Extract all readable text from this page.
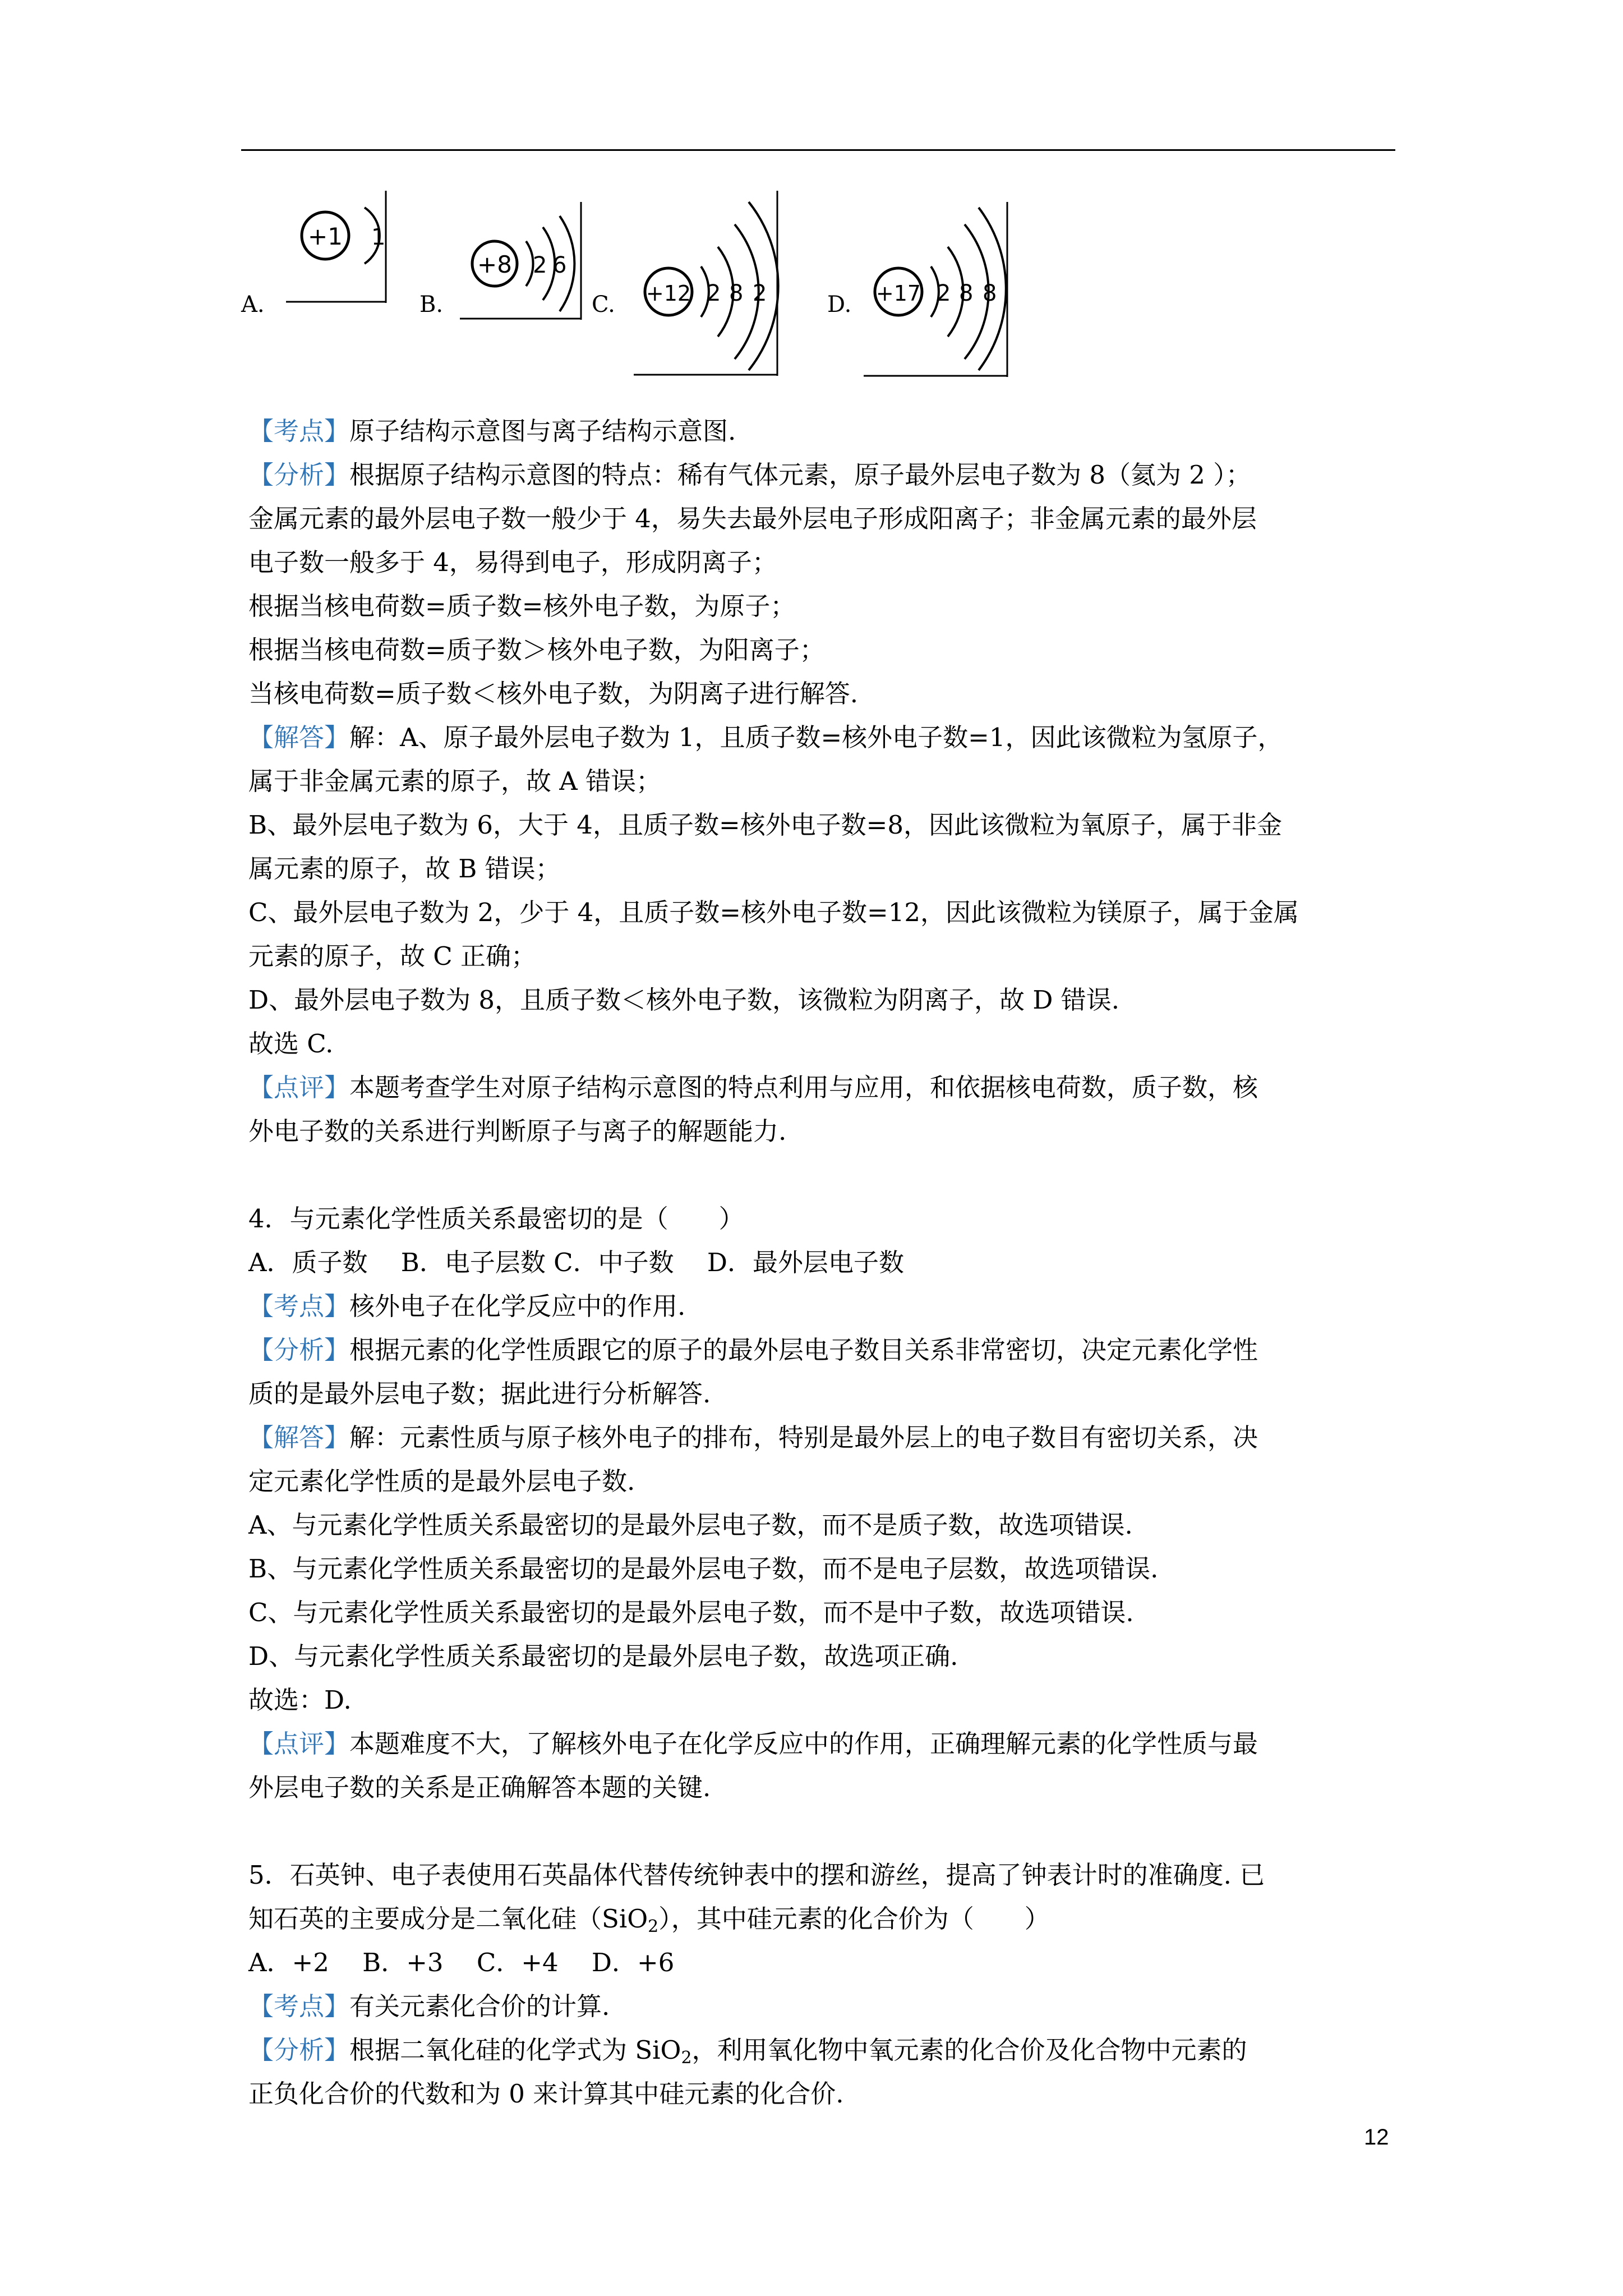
A.
+1 1
B.
+8 2 6
C. +12 2 8 2	D. +17 2 8 8
【考点】原子结构示意图与离子结构示意图.
【分析】根据原子结构示意图的特点：稀有气体元素，原子最外层电子数为 8（氦为 2 ）；
金属元素的最外层电子数一般少于 4，易失去最外层电子形成阳离子；非金属元素的最外层
电子数一般多于 4，易得到电子，形成阴离子；
根据当核电荷数=质子数=核外电子数，为原子；
根据当核电荷数=质子数＞核外电子数，为阳离子；
当核电荷数=质子数＜核外电子数，为阴离子进行解答.
【解答】解：A、原子最外层电子数为 1，且质子数=核外电子数=1，因此该微粒为氢原子，
属于非金属元素的原子，故 A 错误；
B、最外层电子数为 6，大于 4，且质子数=核外电子数=8，因此该微粒为氧原子，属于非金
属元素的原子，故 B 错误；
C、最外层电子数为 2，少于 4，且质子数=核外电子数=12，因此该微粒为镁原子，属于金属
元素的原子，故 C 正确；
D、最外层电子数为 8，且质子数＜核外电子数，该微粒为阴离子，故 D 错误.
故选 C.
【点评】本题考查学生对原子结构示意图的特点利用与应用，和依据核电荷数，质子数，核
外电子数的关系进行判断原子与离子的解题能力.
4．与元素化学性质关系最密切的是（　　）
A．质子数　 B．电子层数 C．中子数　 D．最外层电子数
【考点】核外电子在化学反应中的作用.
【分析】根据元素的化学性质跟它的原子的最外层电子数目关系非常密切，决定元素化学性
质的是最外层电子数；据此进行分析解答.
【解答】解：元素性质与原子核外电子的排布，特别是最外层上的电子数目有密切关系，决
定元素化学性质的是最外层电子数.
A、与元素化学性质关系最密切的是最外层电子数，而不是质子数，故选项错误.
B、与元素化学性质关系最密切的是最外层电子数，而不是电子层数，故选项错误.
C、与元素化学性质关系最密切的是最外层电子数，而不是中子数，故选项错误.
D、与元素化学性质关系最密切的是最外层电子数，故选项正确.
故选：D.
【点评】本题难度不大，了解核外电子在化学反应中的作用，正确理解元素的化学性质与最
外层电子数的关系是正确解答本题的关键.
5．石英钟、电子表使用石英晶体代替传统钟表中的摆和游丝，提高了钟表计时的准确度. 已
知石英的主要成分是二氧化硅（SiO$_2$），其中硅元素的化合价为（　　）
A．+2　 B．+3　 C．+4　 D．+6
【考点】有关元素化合价的计算.
【分析】根据二氧化硅的化学式为 SiO$_2$，利用氧化物中氧元素的化合价及化合物中元素的
正负化合价的代数和为 0 来计算其中硅元素的化合价.
12
